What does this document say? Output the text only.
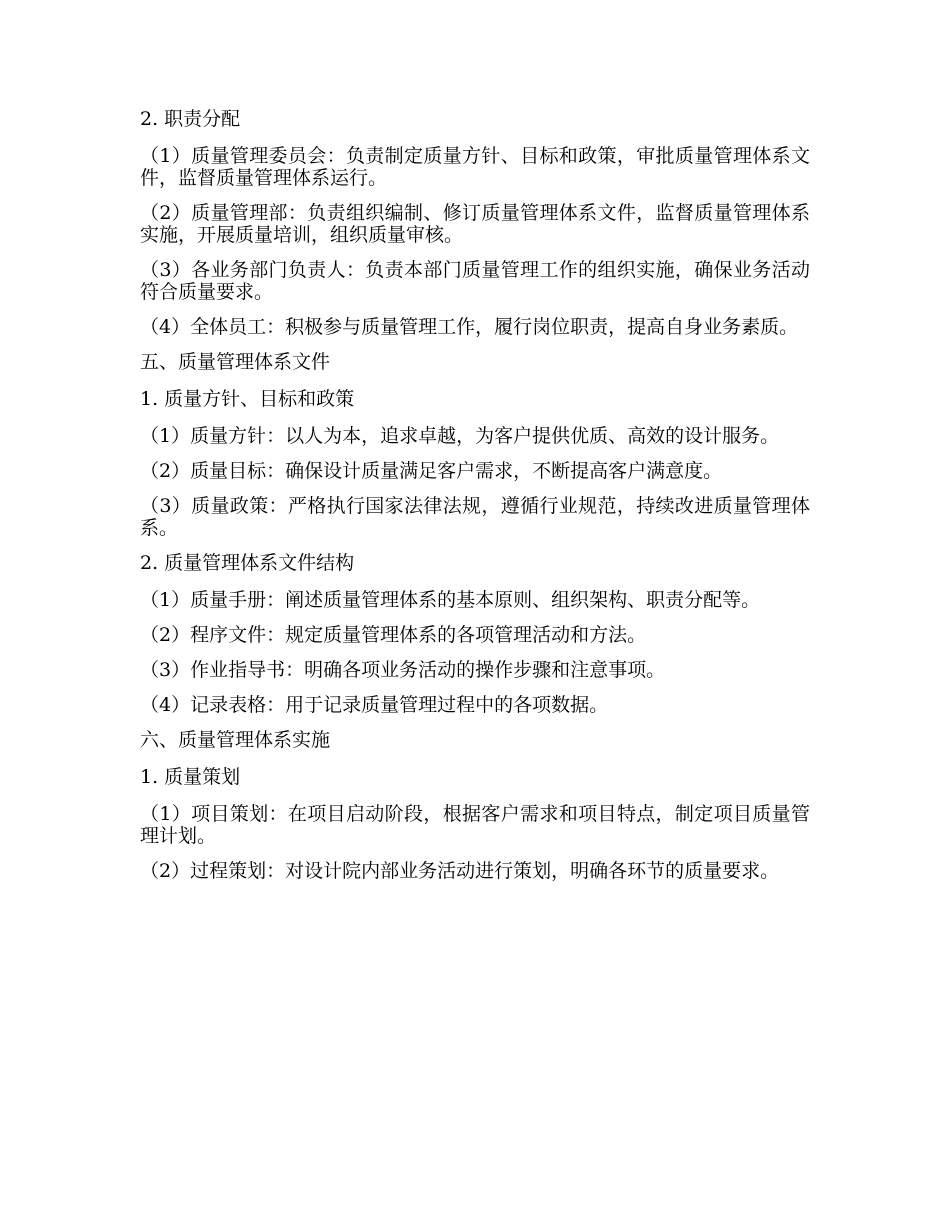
2. 职责分配

（1）质量管理委员会：负责制定质量方针、目标和政策，审批质量管理体系文件，监督质量管理体系运行。

（2）质量管理部：负责组织编制、修订质量管理体系文件，监督质量管理体系实施，开展质量培训，组织质量审核。

（3）各业务部门负责人：负责本部门质量管理工作的组织实施，确保业务活动符合质量要求。

（4）全体员工：积极参与质量管理工作，履行岗位职责，提高自身业务素质。

五、质量管理体系文件

1. 质量方针、目标和政策

（1）质量方针：以人为本，追求卓越，为客户提供优质、高效的设计服务。

（2）质量目标：确保设计质量满足客户需求，不断提高客户满意度。

（3）质量政策：严格执行国家法律法规，遵循行业规范，持续改进质量管理体系。

2. 质量管理体系文件结构

（1）质量手册：阐述质量管理体系的基本原则、组织架构、职责分配等。

（2）程序文件：规定质量管理体系的各项管理活动和方法。

（3）作业指导书：明确各项业务活动的操作步骤和注意事项。

（4）记录表格：用于记录质量管理过程中的各项数据。

六、质量管理体系实施

1. 质量策划

（1）项目策划：在项目启动阶段，根据客户需求和项目特点，制定项目质量管理计划。

（2）过程策划：对设计院内部业务活动进行策划，明确各环节的质量要求。
